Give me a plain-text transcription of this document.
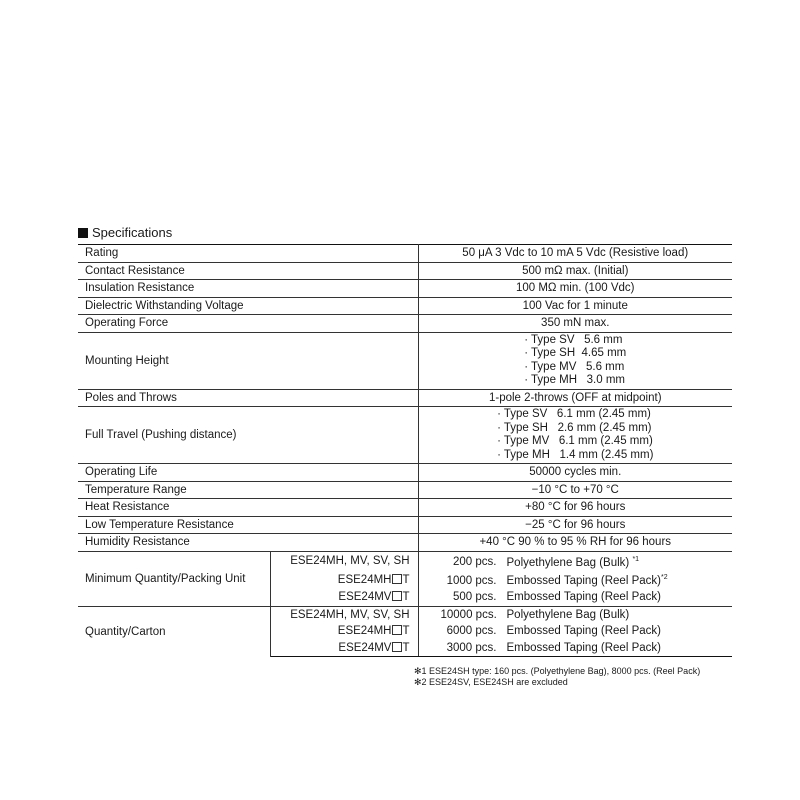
Specifications
Rating		50 μA 3 Vdc to 10 mA 5 Vdc (Resistive load)
Contact Resistance		500 mΩ max. (Initial)
Insulation Resistance		100 MΩ min. (100 Vdc)
Dielectric Withstanding Voltage		100 Vac for 1 minute
Operating Force		350 mN max.
Mounting Height		· Type SV   5.6 mm
· Type SH  4.65 mm
· Type MV   5.6 mm
· Type MH   3.0 mm

Poles and Throws		1-pole 2-throws (OFF at midpoint)
Full Travel (Pushing distance)		· Type SV   6.1 mm (2.45 mm)
· Type SH   2.6 mm (2.45 mm)
· Type MV   6.1 mm (2.45 mm)
· Type MH   1.4 mm (2.45 mm)

Operating Life		50000 cycles min.
Temperature Range		−10 °C to +70 °C
Heat Resistance		+80 °C for 96 hours
Low Temperature Resistance		−25 °C for 96 hours
Humidity Resistance		+40 °C 90 % to 95 % RH for 96 hours
Minimum Quantity/Packing Unit	ESE24MH, MV, SV, SH	200 pcs. Polyethylene Bag (Bulk) $^{*1}$
	ESE24MH T	1000 pcs. Embossed Taping (Reel Pack)$^{*2}$
	ESE24MV T	500 pcs. Embossed Taping (Reel Pack)
Quantity/Carton	ESE24MH, MV, SV, SH	10000 pcs. Polyethylene Bag (Bulk)
	ESE24MH T	6000 pcs. Embossed Taping (Reel Pack)
	ESE24MV T	3000 pcs. Embossed Taping (Reel Pack)
✻1 ESE24SH type: 160 pcs. (Polyethylene Bag), 8000 pcs. (Reel Pack)
✻2 ESE24SV, ESE24SH are excluded
